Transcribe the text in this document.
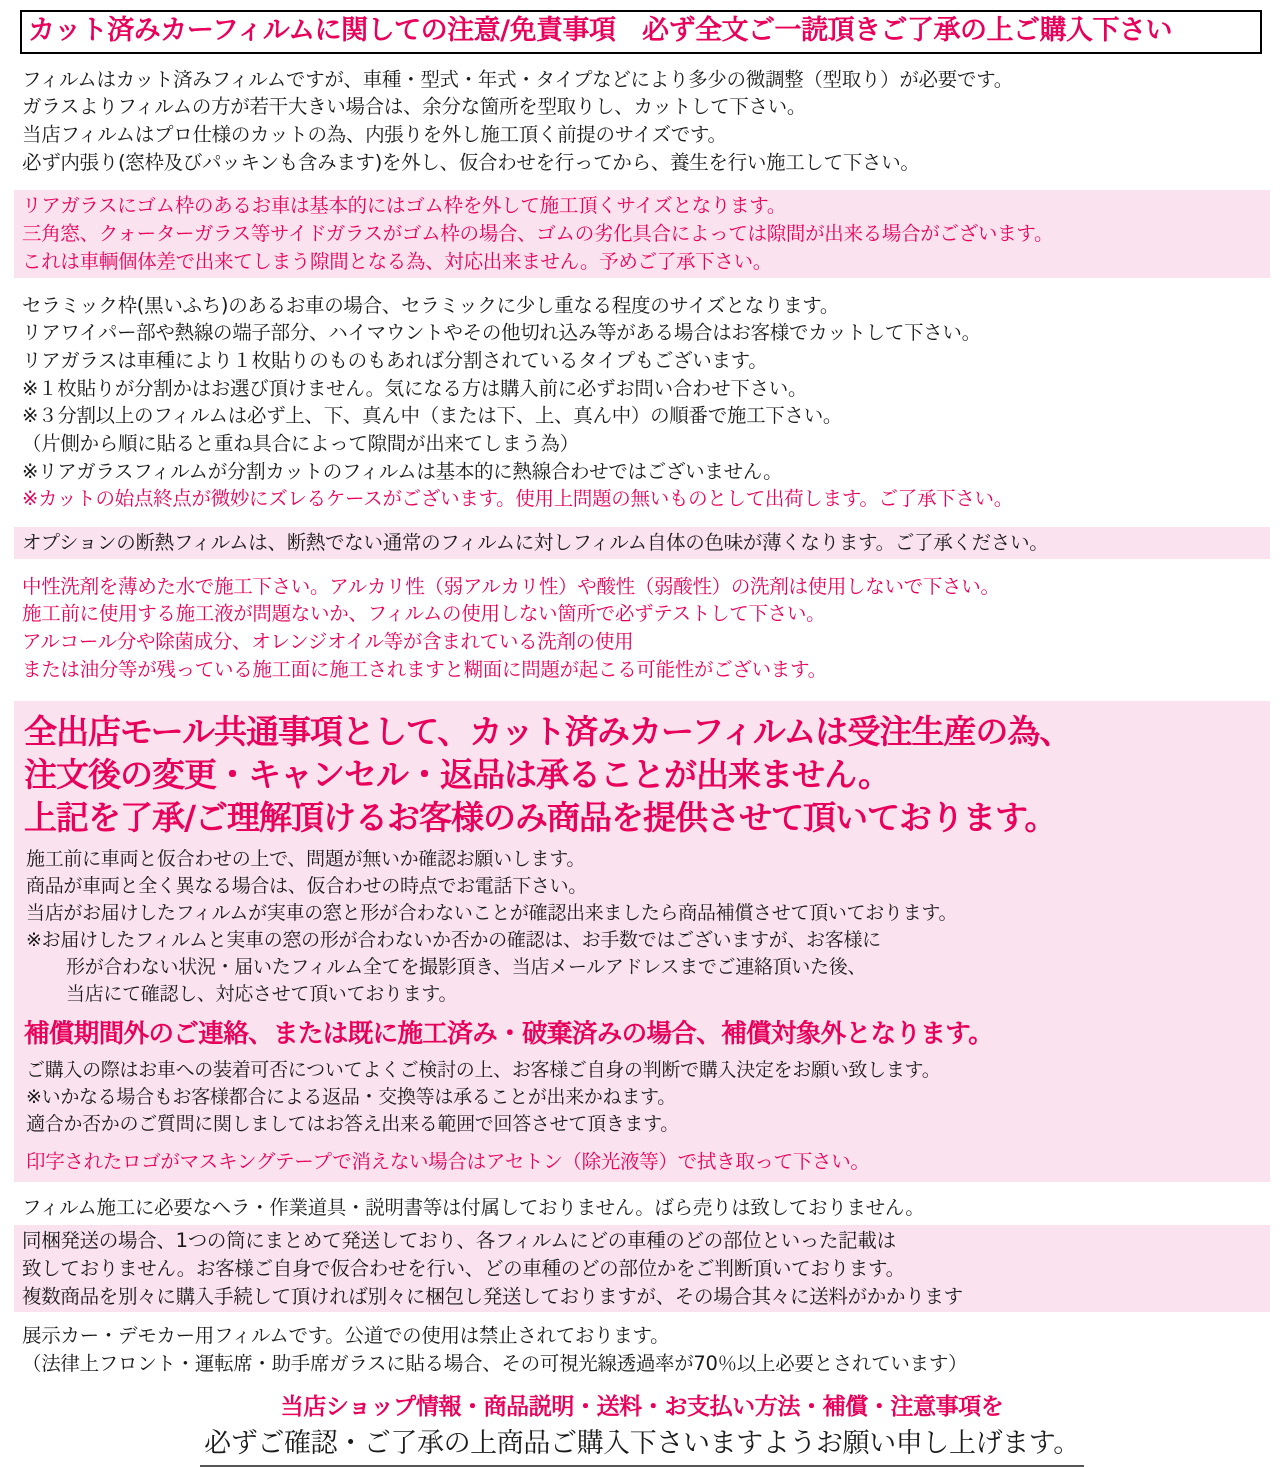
カット済みカーフィルムに関しての注意/免責事項　必ず全文ご一読頂きご了承の上ご購入下さい
フィルムはカット済みフィルムですが、車種・型式・年式・タイプなどにより多少の微調整（型取り）が必要です。
ガラスよりフィルムの方が若干大きい場合は、余分な箇所を型取りし、カットして下さい。
当店フィルムはプロ仕様のカットの為、内張りを外し施工頂く前提のサイズです。
必ず内張り(窓枠及びパッキンも含みます)を外し、仮合わせを行ってから、養生を行い施工して下さい。
リアガラスにゴム枠のあるお車は基本的にはゴム枠を外して施工頂くサイズとなります。
三角窓、クォーターガラス等サイドガラスがゴム枠の場合、ゴムの劣化具合によっては隙間が出来る場合がございます。
これは車輌個体差で出来てしまう隙間となる為、対応出来ません。予めご了承下さい。
セラミック枠(黒いふち)のあるお車の場合、セラミックに少し重なる程度のサイズとなります。
リアワイパー部や熱線の端子部分、ハイマウントやその他切れ込み等がある場合はお客様でカットして下さい。
リアガラスは車種により１枚貼りのものもあれば分割されているタイプもございます。
※１枚貼りが分割かはお選び頂けません。気になる方は購入前に必ずお問い合わせ下さい。
※３分割以上のフィルムは必ず上、下、真ん中（または下、上、真ん中）の順番で施工下さい。
（片側から順に貼ると重ね具合によって隙間が出来てしまう為）
※リアガラスフィルムが分割カットのフィルムは基本的に熱線合わせではございません。
※カットの始点終点が微妙にズレるケースがございます。使用上問題の無いものとして出荷します。ご了承下さい。
オプションの断熱フィルムは、断熱でない通常のフィルムに対しフィルム自体の色味が薄くなります。ご了承ください。
中性洗剤を薄めた水で施工下さい。アルカリ性（弱アルカリ性）や酸性（弱酸性）の洗剤は使用しないで下さい。
施工前に使用する施工液が問題ないか、フィルムの使用しない箇所で必ずテストして下さい。
アルコール分や除菌成分、オレンジオイル等が含まれている洗剤の使用
または油分等が残っている施工面に施工されますと糊面に問題が起こる可能性がございます。
全出店モール共通事項として、カット済みカーフィルムは受注生産の為、
注文後の変更・キャンセル・返品は承ることが出来ません。
上記を了承/ご理解頂けるお客様のみ商品を提供させて頂いております。
施工前に車両と仮合わせの上で、問題が無いか確認お願いします。
商品が車両と全く異なる場合は、仮合わせの時点でお電話下さい。
当店がお届けしたフィルムが実車の窓と形が合わないことが確認出来ましたら商品補償させて頂いております。
※お届けしたフィルムと実車の窓の形が合わないか否かの確認は、お手数ではございますが、お客様に
形が合わない状況・届いたフィルム全てを撮影頂き、当店メールアドレスまでご連絡頂いた後、
当店にて確認し、対応させて頂いております。
補償期間外のご連絡、または既に施工済み・破棄済みの場合、補償対象外となります。
ご購入の際はお車への装着可否についてよくご検討の上、お客様ご自身の判断で購入決定をお願い致します。
※いかなる場合もお客様都合による返品・交換等は承ることが出来かねます。
適合か否かのご質問に関しましてはお答え出来る範囲で回答させて頂きます。
印字されたロゴがマスキングテープで消えない場合はアセトン（除光液等）で拭き取って下さい。
フィルム施工に必要なヘラ・作業道具・説明書等は付属しておりません。ばら売りは致しておりません。
同梱発送の場合、1つの筒にまとめて発送しており、各フィルムにどの車種のどの部位といった記載は
致しておりません。お客様ご自身で仮合わせを行い、どの車種のどの部位かをご判断頂いております。
複数商品を別々に購入手続して頂ければ別々に梱包し発送しておりますが、その場合其々に送料がかかります
展示カー・デモカー用フィルムです。公道での使用は禁止されております。
（法律上フロント・運転席・助手席ガラスに貼る場合、その可視光線透過率が70％以上必要とされています）
当店ショップ情報・商品説明・送料・お支払い方法・補償・注意事項を
必ずご確認・ご了承の上商品ご購入下さいますようお願い申し上げます。
